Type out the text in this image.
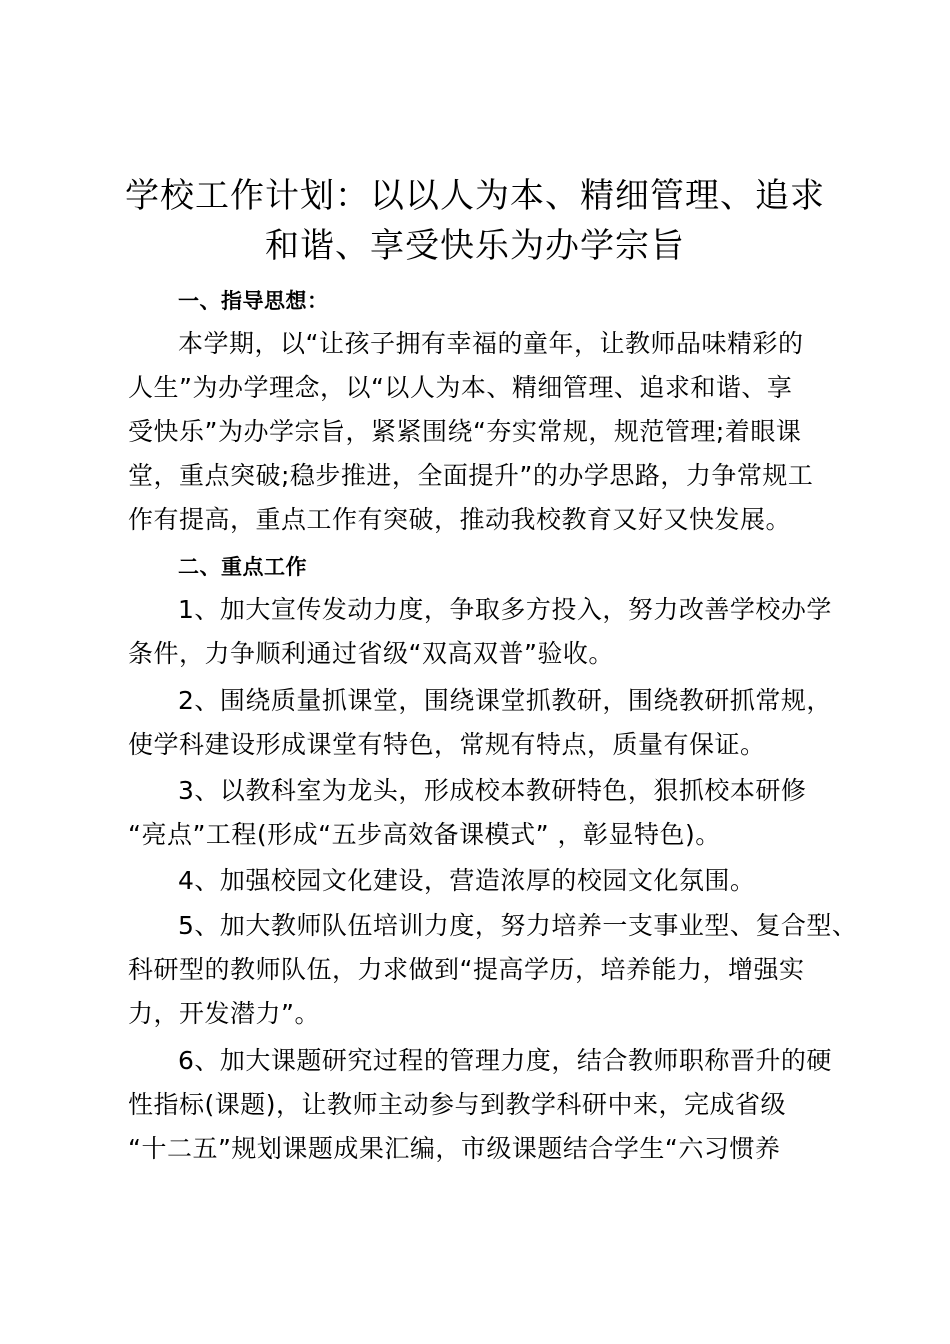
学校工作计划：以以人为本、精细管理、追求
和谐、享受快乐为办学宗旨
一、指导思想：
本学期，以“让孩子拥有幸福的童年，让教师品味精彩的
人生”为办学理念，以“以人为本、精细管理、追求和谐、享
受快乐”为办学宗旨，紧紧围绕“夯实常规，规范管理;着眼课
堂，重点突破;稳步推进，全面提升”的办学思路，力争常规工
作有提高，重点工作有突破，推动我校教育又好又快发展。
二、重点工作
1、加大宣传发动力度，争取多方投入，努力改善学校办学
条件，力争顺利通过省级“双高双普”验收。
2、围绕质量抓课堂，围绕课堂抓教研，围绕教研抓常规，
使学科建设形成课堂有特色，常规有特点，质量有保证。
3、以教科室为龙头，形成校本教研特色，狠抓校本研修
“亮点”工程(形成“五步高效备课模式” ，彰显特色)。
4、加强校园文化建设，营造浓厚的校园文化氛围。
5、加大教师队伍培训力度，努力培养一支事业型、复合型、
科研型的教师队伍，力求做到“提高学历，培养能力，增强实
力，开发潜力”。
6、加大课题研究过程的管理力度，结合教师职称晋升的硬
性指标(课题)，让教师主动参与到教学科研中来，完成省级
“十二五”规划课题成果汇编，市级课题结合学生“六习惯养
